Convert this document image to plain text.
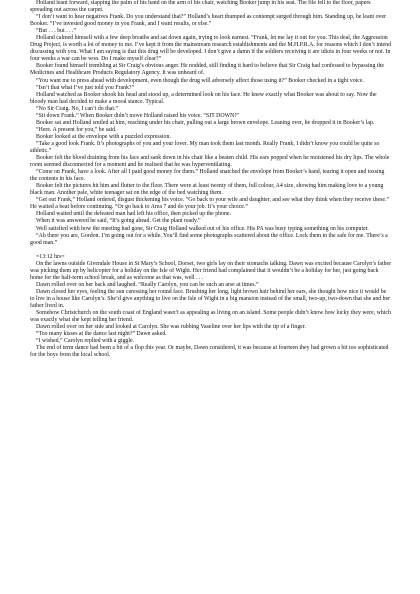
Holland leant forward, slapping the palm of his hand on the arm of his chair, watching Booker jump in his seat. The file fell to the floor, papers spreading out across the carpet.

“I don’t want to hear negatives Frank. Do you understand that?” Holland’s heart thumped as contempt surged through him. Standing up, he leant over Booker. “I’ve invested good money in you Frank, and I want results, or else.”

“But . . . but . . .”

Holland calmed himself with a few deep breaths and sat down again, trying to look earnest. “Frank, let me lay it out for you. This deal, the Aggression Drug Project, is worth a lot of money to me. I’ve kept it from the mainstream research establishments and the M.H.P.R.A. for reasons which I don’t intend discussing with you. What I am saying is that this drug will be developed. I don’t give a damn if the soldiers receiving it are idiots in four weeks or not. In four weeks a war can be won. Do I make myself clear?”

Booker found himself trembling at Sir Craig’s obvious anger. He nodded, still finding it hard to believe that Sir Craig had confessed to bypassing the Medicines and Healthcare Products Regulatory Agency. It was unheard of.

“You want me to press ahead with development, even though the drug will adversely affect those using it?” Booker checked in a tight voice.

“Isn’t that what I’ve just told you Frank?”

Holland watched as Booker shook his head and stood up, a determined look on his face. He knew exactly what Booker was about to say. Now the bloody man had decided to make a moral stance. Typical.

“No Sir Craig. No, I can’t do that.”

“Sit down Frank.” When Booker didn’t move Holland raised his voice. “SIT DOWN!”

Booker sat and Holland smiled at him, reaching under his chair, pulling out a large brown envelope. Leaning over, he dropped it in Booker’s lap.

“Here. A present for you,” he said.

Booker looked at the envelope with a puzzled expression.

“Take a good look Frank. It’s photographs of you and your lover. My man took them last month. Really Frank, I didn’t know you could be quite so athletic.”

Booker felt the blood draining from his face and sank down in his chair like a beaten child. His ears popped when he moistened his dry lips. The whole room seemed disconnected for a moment and he realised that he was hyperventilating.

“Come on Frank, have a look. After all I paid good money for them.” Holland snatched the envelope from Booker’s hand, tearing it open and tossing the contents in his face.

Booker felt the pictures hit him and flutter to the floor. There were at least twenty of them, full colour, A4 size, showing him making love to a young black man. Another pale, white teenager sat on the edge of the bed watching them.

“Get out Frank,” Holland ordered, disgust thickening his voice. “Go back to your wife and daughter, and see what they think when they receive these.” He waited a beat before continuing. “Or go back to Area 7 and do your job. It’s your choice.”

Holland waited until the defeated man had left his office, then picked up the phone.

When it was answered he said, “It’s going ahead. Get the plant ready.”

Well satisfied with how the meeting had gone, Sir Craig Holland walked out of his office. His PA was busy typing something on his computer.

“Ah there you are, Gordon. I’m going out for a while. You’ll find some photographs scattered about the office. Lock them in the safe for me. There’s a good man.”

=13:12 hrs=

On the lawns outside Givendale House in St Mary’s School, Dorset, two girls lay on their stomachs talking. Dawn was excited because Carolyn’s father was picking them up by helicopter for a holiday on the Isle of Wight. Her friend had complained that it wouldn’t be a holiday for her, just going back home for the half-term school break, and as welcome as that was, well . . .

Dawn rolled over on her back and laughed. “Really Carolyn, you can be such an arse at times.”

Dawn closed her eyes, feeling the sun caressing her round face. Brushing her long, light brown hair behind her ears, she thought how nice it would be to live in a house like Carolyn’s. She’d give anything to live on the Isle of Wight in a big mansion instead of the small, two-up, two-down that she and her father lived in.

Somehow Christchurch on the south coast of England wasn’t as appealing as living on an island. Some people didn’t know how lucky they were, which was exactly what she kept telling her friend.

Dawn rolled over on her side and looked at Carolyn. She was rubbing Vaseline over her lips with the tip of a finger.

“Too many kisses at the dance last night?” Dawn asked.

“I wished,” Carolyn replied with a giggle.

The end of term dance had been a bit of a flop this year. Or maybe, Dawn considered, it was because at fourteen they had grown a bit too sophisticated for the boys from the local school.
